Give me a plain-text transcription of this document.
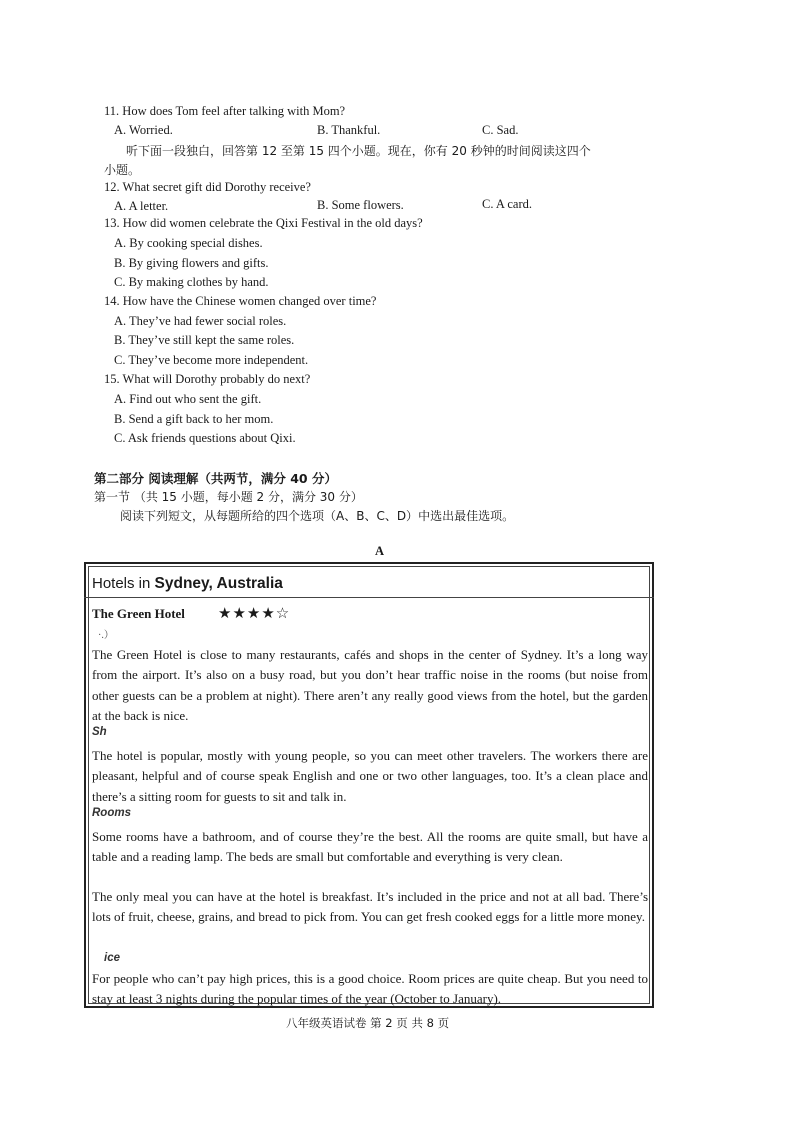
11. How does Tom feel after talking with Mom?
A. Worried.	B. Thankful.	C. Sad.
听下面一段独白，回答第 12 至第 15 四个小题。现在，你有 20 秒钟的时间阅读这四个
小题。
12. What secret gift did Dorothy receive?
A. A letter.	B. Some flowers.	C. A card.
13. How did women celebrate the Qixi Festival in the old days?
A. By cooking special dishes.
B. By giving flowers and gifts.
C. By making clothes by hand.
14. How have the Chinese women changed over time?
A. They’ve had fewer social roles.
B. They’ve still kept the same roles.
C. They’ve become more independent.
15. What will Dorothy probably do next?
A. Find out who sent the gift.
B. Send a gift back to her mom.
C. Ask friends questions about Qixi.
第二部分 阅读理解（共两节，满分 40 分）
第一节 （共 15 小题，每小题 2 分，满分 30 分）
阅读下列短文，从每题所给的四个选项（A、B、C、D）中选出最佳选项。
A
Hotels in Sydney, Australia
The Green Hotel ★★★★☆
·.）
The Green Hotel is close to many restaurants, cafés and shops in the center of Sydney. It’s a long way from the airport. It’s also on a busy road, but you don’t hear traffic noise in the rooms (but noise from other guests can be a problem at night). There aren’t any really good views from the hotel, but the garden at the back is nice.
Sh
The hotel is popular, mostly with young people, so you can meet other travelers. The workers there are pleasant, helpful and of course speak English and one or two other languages, too. It’s a clean place and there’s a sitting room for guests to sit and talk in.
Rooms
Some rooms have a bathroom, and of course they’re the best. All the rooms are quite small, but have a table and a reading lamp. The beds are small but comfortable and everything is very clean.
The only meal you can have at the hotel is breakfast. It’s included in the price and not at all bad. There’s lots of fruit, cheese, grains, and bread to pick from. You can get fresh cooked eggs for a little more money.
ice
For people who can’t pay high prices, this is a good choice. Room prices are quite cheap. But you need to stay at least 3 nights during the popular times of the year (October to January).
八年级英语试卷 第 2 页 共 8 页
